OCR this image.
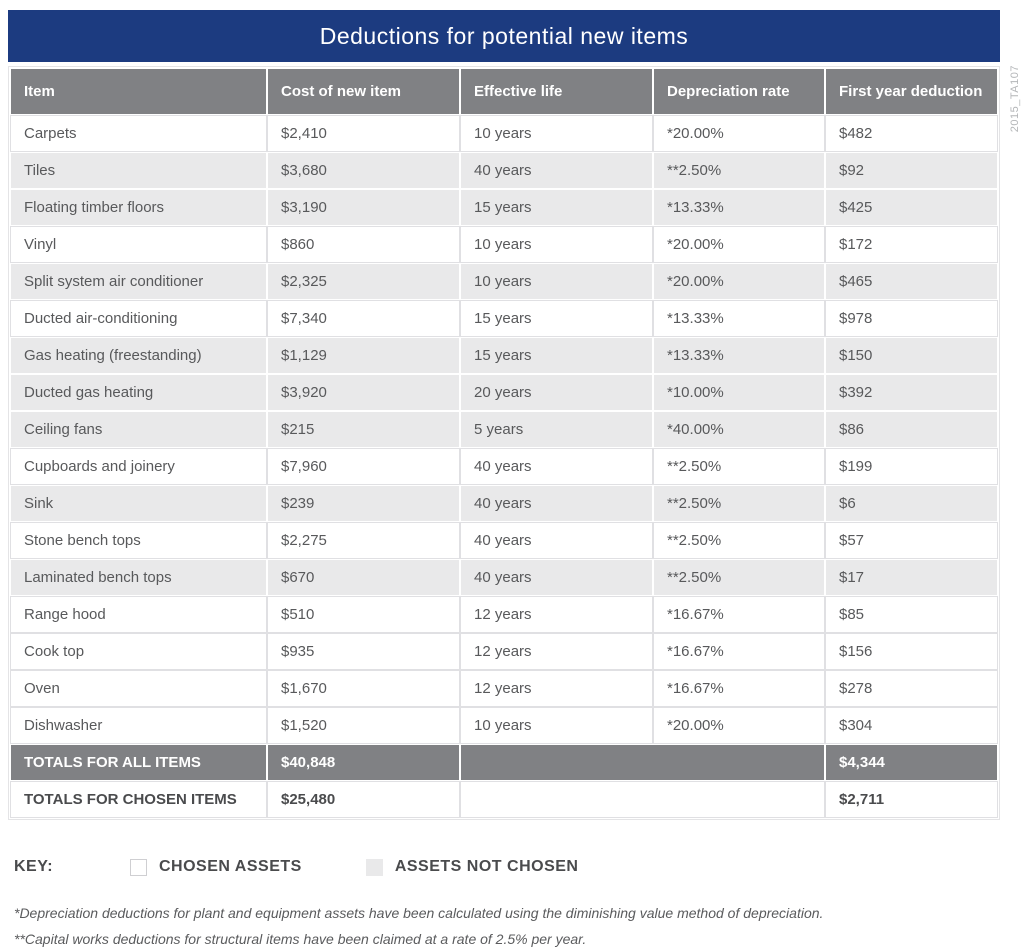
Deductions for potential new items
2015_TA107
Item	Cost of new item	Effective life	Depreciation rate	First year deduction
Carpets	$2,410	10 years	*20.00%	$482
Tiles	$3,680	40 years	**2.50%	$92
Floating timber floors	$3,190	15 years	*13.33%	$425
Vinyl	$860	10 years	*20.00%	$172
Split system air conditioner	$2,325	10 years	*20.00%	$465
Ducted air-conditioning	$7,340	15 years	*13.33%	$978
Gas heating (freestanding)	$1,129	15 years	*13.33%	$150
Ducted gas heating	$3,920	20 years	*10.00%	$392
Ceiling fans	$215	5 years	*40.00%	$86
Cupboards and joinery	$7,960	40 years	**2.50%	$199
Sink	$239	40 years	**2.50%	$6
Stone bench tops	$2,275	40 years	**2.50%	$57
Laminated bench tops	$670	40 years	**2.50%	$17
Range hood	$510	12 years	*16.67%	$85
Cook top	$935	12 years	*16.67%	$156
Oven	$1,670	12 years	*16.67%	$278
Dishwasher	$1,520	10 years	*20.00%	$304
TOTALS FOR ALL ITEMS	$40,848			$4,344
TOTALS FOR CHOSEN ITEMS	$25,480			$2,711
KEY:	CHOSEN ASSETS	ASSETS NOT CHOSEN
*Depreciation deductions for plant and equipment assets have been calculated using the diminishing value method of depreciation.
**Capital works deductions for structural items have been claimed at a rate of 2.5% per year.
